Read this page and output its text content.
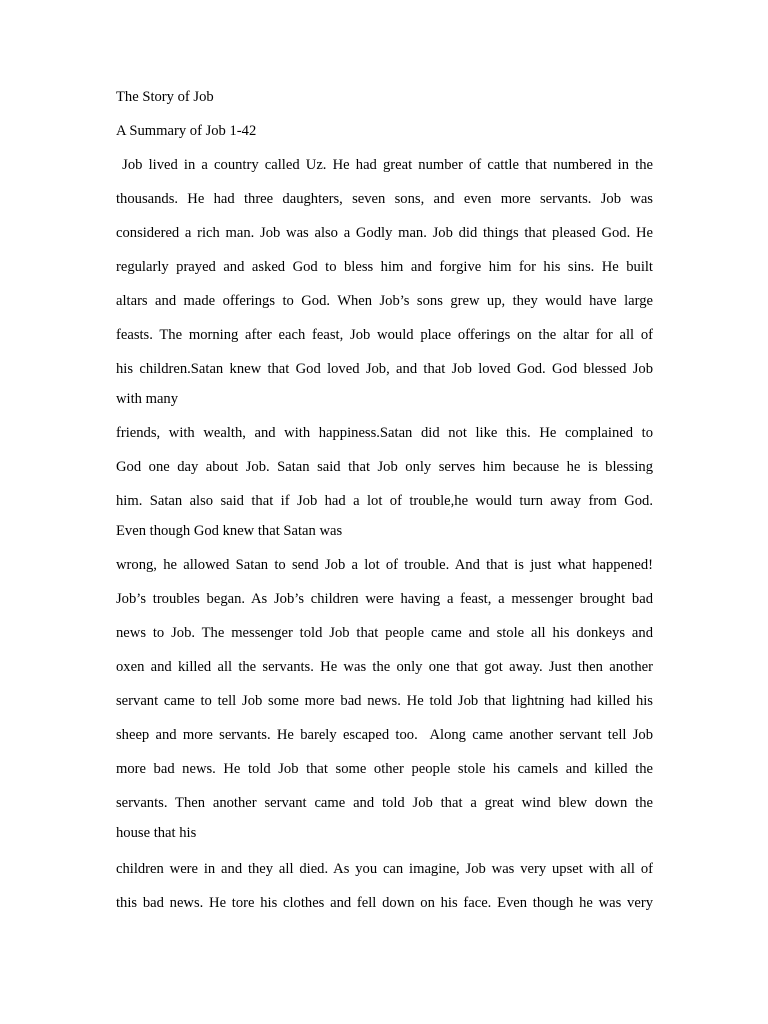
The Story of Job
A Summary of Job 1-42
Job lived in a country called Uz. He had great number of cattle that numbered in the
thousands. He had three daughters, seven sons, and even more servants. Job was
considered a rich man. Job was also a Godly man. Job did things that pleased God. He
regularly prayed and asked God to bless him and forgive him for his sins. He built
altars and made offerings to God. When Job’s sons grew up, they would have large
feasts. The morning after each feast, Job would place offerings on the altar for all of
his children.Satan knew that God loved Job, and that Job loved God. God blessed Job
with many
friends, with wealth, and with happiness.Satan did not like this. He complained to
God one day about Job. Satan said that Job only serves him because he is blessing
him. Satan also said that if Job had a lot of trouble,he would turn away from God.
Even though God knew that Satan was
wrong, he allowed Satan to send Job a lot of trouble. And that is just what happened!
Job’s troubles began. As Job’s children were having a feast, a messenger brought bad
news to Job. The messenger told Job that people came and stole all his donkeys and
oxen and killed all the servants. He was the only one that got away. Just then another
servant came to tell Job some more bad news. He told Job that lightning had killed his
sheep and more servants. He barely escaped too.  Along came another servant tell Job
more bad news. He told Job that some other people stole his camels and killed the
servants. Then another servant came and told Job that a great wind blew down the
house that his
children were in and they all died. As you can imagine, Job was very upset with all of
this bad news. He tore his clothes and fell down on his face. Even though he was very
